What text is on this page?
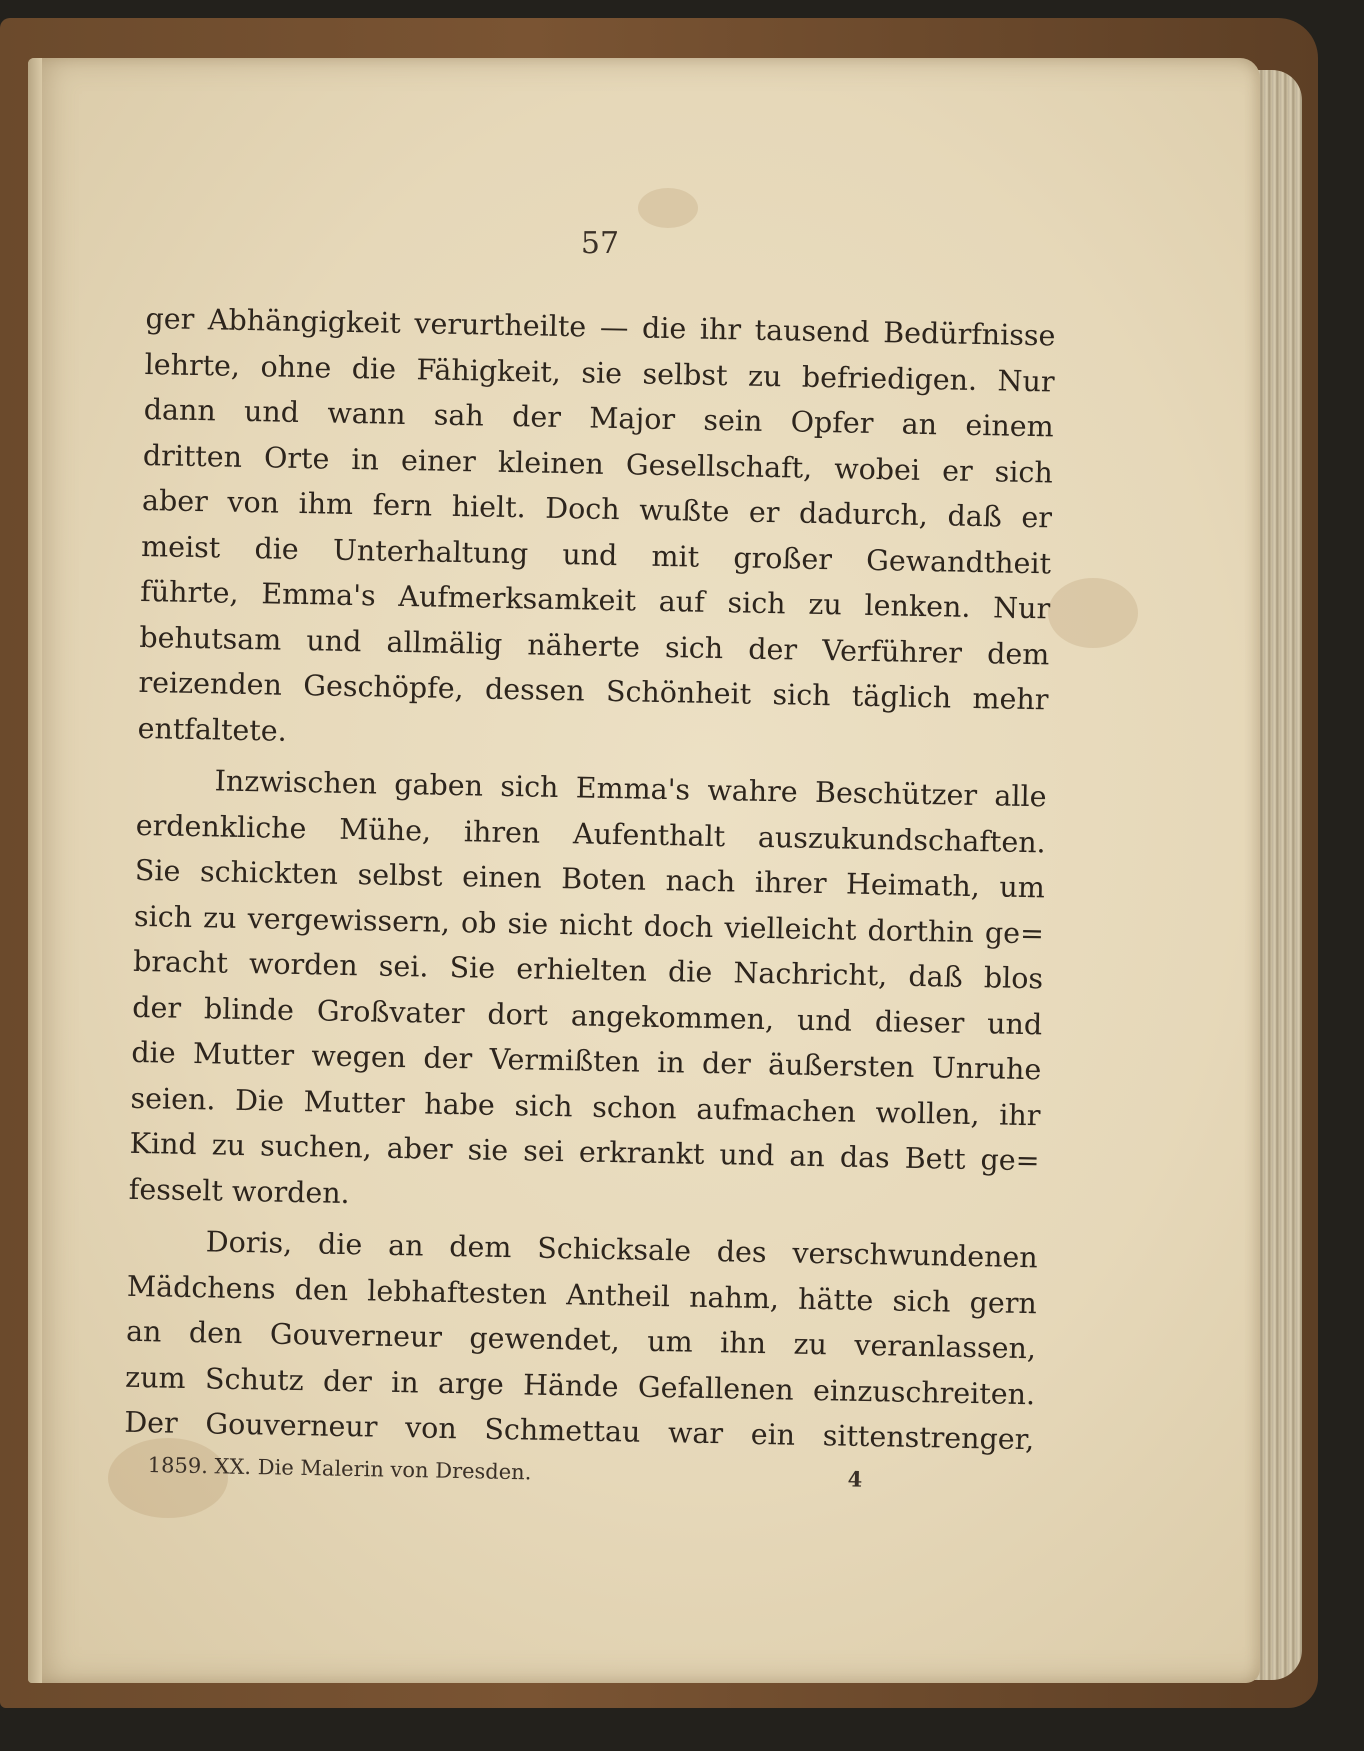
57

ger Abhängigkeit verurtheilte — die ihr tausend Bedürfnisse
lehrte, ohne die Fähigkeit, sie selbst zu befriedigen. Nur
dann und wann sah der Major sein Opfer an einem
dritten Orte in einer kleinen Gesellschaft, wobei er sich
aber von ihm fern hielt. Doch wußte er dadurch, daß er
meist die Unterhaltung und mit großer Gewandtheit
führte, Emma's Aufmerksamkeit auf sich zu lenken. Nur
behutsam und allmälig näherte sich der Verführer dem
reizenden Geschöpfe, dessen Schönheit sich täglich mehr
entfaltete.

Inzwischen gaben sich Emma's wahre Beschützer alle
erdenkliche Mühe, ihren Aufenthalt auszukundschaften.
Sie schickten selbst einen Boten nach ihrer Heimath, um
sich zu vergewissern, ob sie nicht doch vielleicht dorthin ge=
bracht worden sei. Sie erhielten die Nachricht, daß blos
der blinde Großvater dort angekommen, und dieser und
die Mutter wegen der Vermißten in der äußersten Unruhe
seien. Die Mutter habe sich schon aufmachen wollen, ihr
Kind zu suchen, aber sie sei erkrankt und an das Bett ge=
fesselt worden.

Doris, die an dem Schicksale des verschwundenen
Mädchens den lebhaftesten Antheil nahm, hätte sich gern
an den Gouverneur gewendet, um ihn zu veranlassen,
zum Schutz der in arge Hände Gefallenen einzuschreiten.
Der Gouverneur von Schmettau war ein sittenstrenger,

1859. XX. Die Malerin von Dresden.	4
